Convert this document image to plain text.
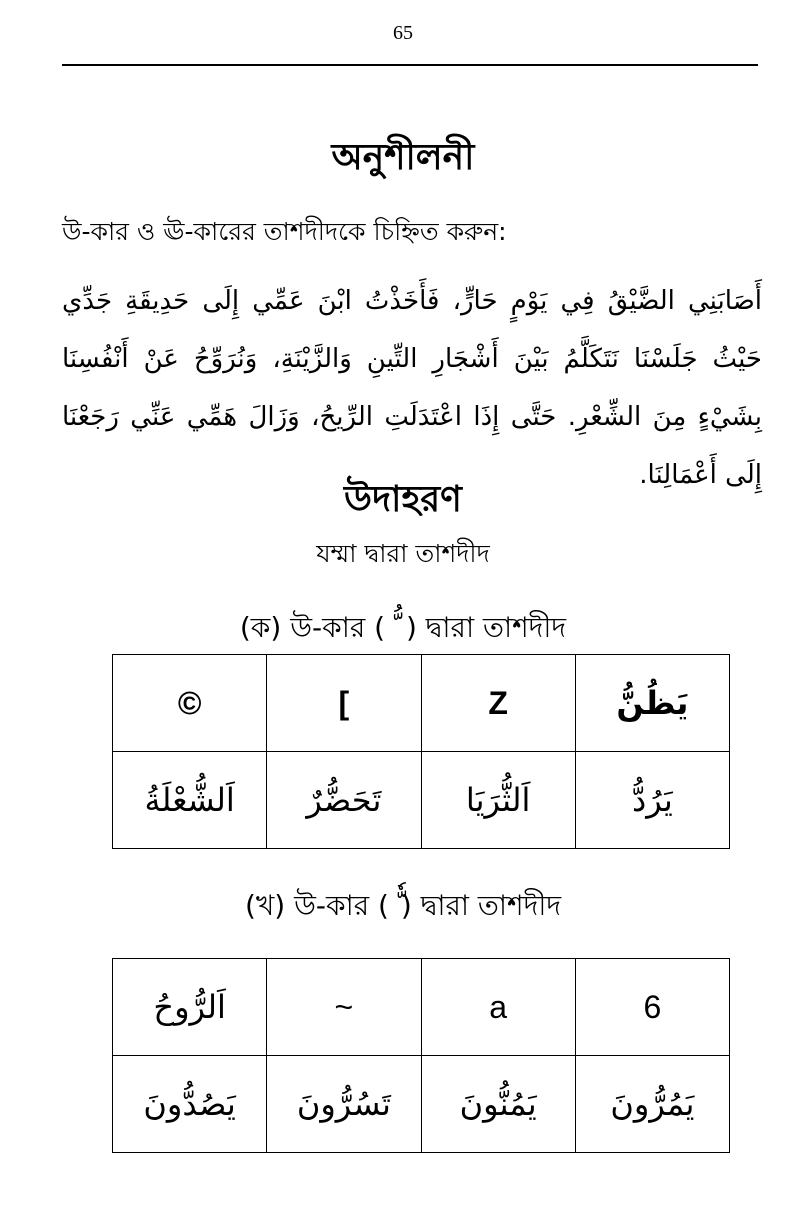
65
অনুশীলনী
উ-কার ও ঊ-কারের তাশদীদকে চিহ্নিত করুন:
أَصَابَنِي الضَّيْقُ فِي يَوْمٍ حَارٍّ، فَأَخَذْتُ ابْنَ عَمِّي إِلَى حَدِيقَةِ جَدِّي حَيْثُ جَلَسْنَا نَتَكَلَّمُ بَيْنَ أَشْجَارِ التِّينِ وَالزَّيْنَةِ، وَنُرَوِّحُ عَنْ أَنْفُسِنَا بِشَيْءٍ مِنَ الشِّعْرِ. حَتَّى إِذَا اعْتَدَلَتِ الرِّيحُ، وَزَالَ هَمِّي عَنِّي رَجَعْنَا إِلَى أَعْمَالِنَا.
উদাহরণ
যম্মা দ্বারা তাশদীদ
(ক) উ-কার ( ّ ُ ) দ্বারা তাশদীদ
©	[	Z	يَظُنُّ
اَلشُّعْلَةُ	تَحَضُّرٌ	اَلثُّرَيَا	يَرُدُّ
(খ) উ-কার ( ) দ্বারা তাশদীদ
اَلرُّوحُ	~	a	6
يَصُدُّونَ	تَسُرُّونَ	يَمُنُّونَ	يَمُرُّونَ
